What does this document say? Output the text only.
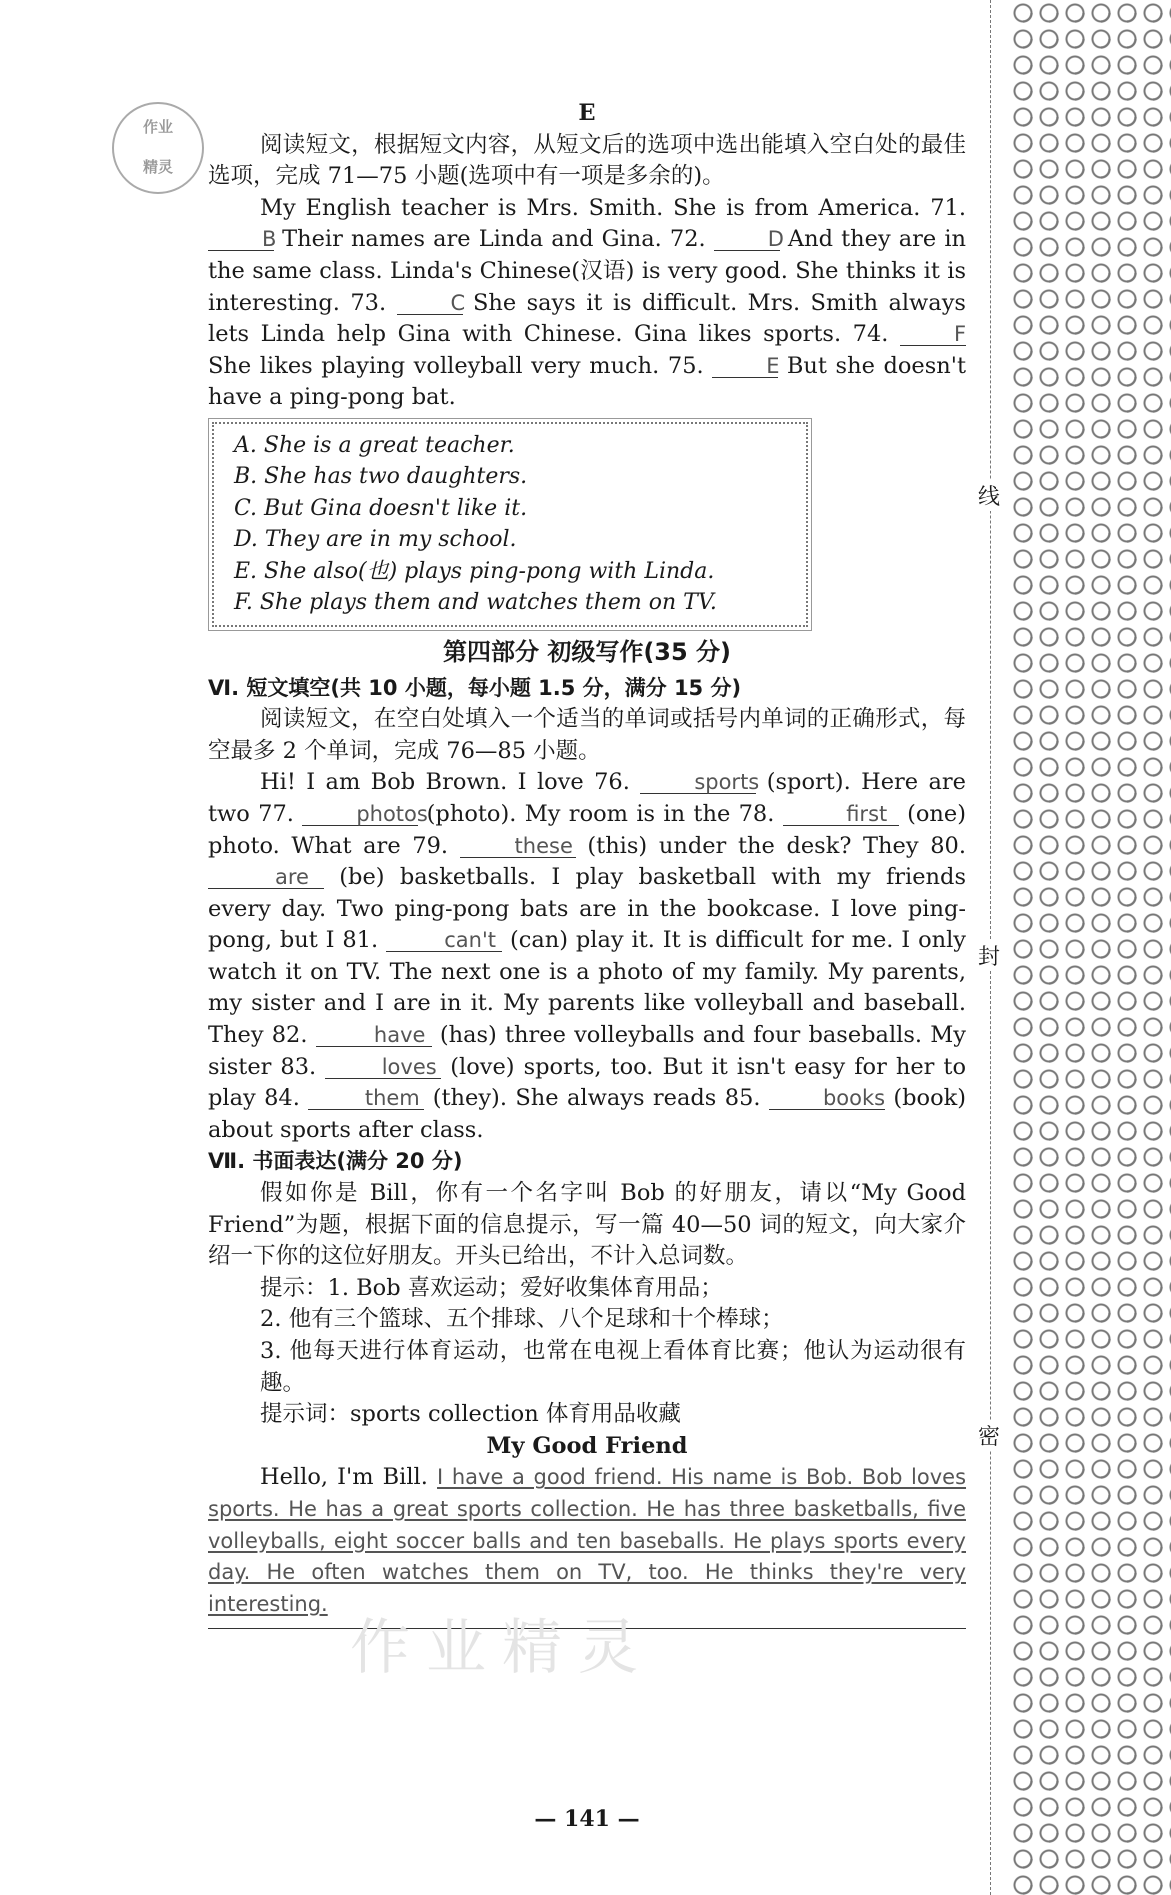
作业
精灵
E

阅读短文，根据短文内容，从短文后的选项中选出能填入空白处的最佳选项，完成 71—75 小题(选项中有一项是多余的)。

My English teacher is Mrs. Smith. She is from America. 71. B Their names are Linda and Gina. 72.	D And they are in the same class. Linda's Chinese(汉语) is very good. She thinks it is interesting. 73.	C She says it is difficult. Mrs. Smith always lets Linda help Gina with Chinese. Gina likes sports. 74.	F She likes playing volleyball very much. 75.	E But she doesn't have a ping-pong bat.

A. She is a great teacher.
B. She has two daughters.
C. But Gina doesn't like it.
D. They are in my school.
E. She also(也) plays ping-pong with Linda.
F. She plays them and watches them on TV.
第四部分 初级写作(35 分)
Ⅵ. 短文填空(共 10 小题，每小题 1.5 分，满分 15 分)

阅读短文，在空白处填入一个适当的单词或括号内单词的正确形式，每空最多 2 个单词，完成 76—85 小题。

Hi! I am Bob Brown. I love 76.	sports (sport). Here are two 77.	photos (photo). My room is in the 78.	first (one) photo. What are 79.	these (this) under the desk? They 80. are (be) basketballs. I play basketball with my friends every day. Two ping-pong bats are in the bookcase. I love ping-pong, but I 81.	can't (can) play it. It is difficult for me. I only watch it on TV. The next one is a photo of my family. My parents, my sister and I are in it. My parents like volleyball and baseball. They 82.	have (has) three volleyballs and four baseballs. My sister 83.	loves (love) sports, too. But it isn't easy for her to play 84.	them (they). She always reads 85.	books (book) about sports after class.

Ⅶ. 书面表达(满分 20 分)

假如你是 Bill，你有一个名字叫 Bob 的好朋友，请以“My Good Friend”为题，根据下面的信息提示，写一篇 40—50 词的短文，向大家介绍一下你的这位好朋友。开头已给出，不计入总词数。

提示：1. Bob 喜欢运动；爱好收集体育用品；

2. 他有三个篮球、五个排球、八个足球和十个棒球；

3. 他每天进行体育运动，也常在电视上看体育比赛；他认为运动很有趣。

提示词：sports collection 体育用品收藏

My Good Friend

Hello, I'm Bill. I have a good friend. His name is Bob. Bob loves sports. He has a great sports collection. He has three basketballs, five volleyballs, eight soccer balls and ten baseballs. He plays sports every day. He often watches them on TV, too. He thinks they're very interesting.

作业精灵
— 141 —
线
封
密
